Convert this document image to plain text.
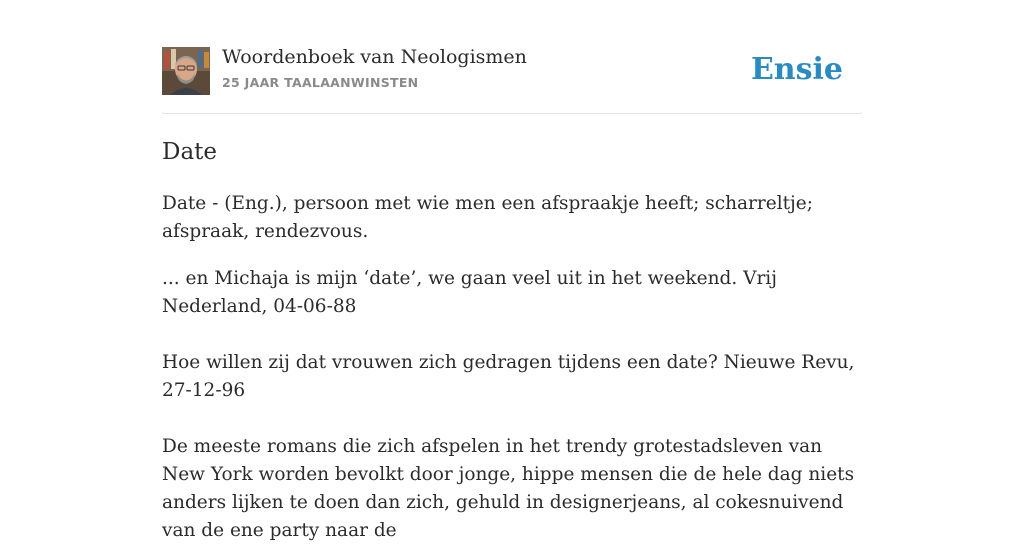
Woordenboek van Neologismen
25 JAAR TAALAANWINSTEN	Ensie
Date

Date - (Eng.), persoon met wie men een afspraakje heeft; scharreltje; afspraak, rendezvous.

... en Michaja is mijn ‘date’, we gaan veel uit in het weekend. Vrij Nederland, 04-06-88

Hoe willen zij dat vrouwen zich gedragen tijdens een date? Nieuwe Revu, 27-12-96

De meeste romans die zich afspelen in het trendy grotestadsleven van New York worden bevolkt door jonge, hippe mensen die de hele dag niets anders lijken te doen dan zich, gehuld in designerjeans, al cokesnuivend van de ene party naar de
